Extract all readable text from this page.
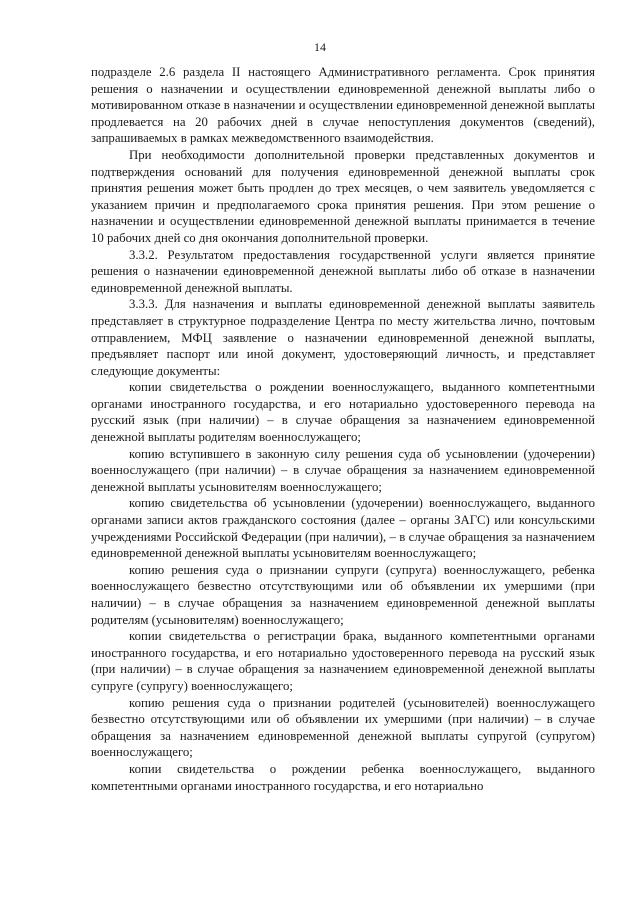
14

подразделе 2.6 раздела II настоящего Административного регламента. Срок принятия решения о назначении и осуществлении единовременной денежной выплаты либо о мотивированном отказе в назначении и осуществлении единовременной денежной выплаты продлевается на 20 рабочих дней в случае непоступления документов (сведений), запрашиваемых в рамках межведомственного взаимодействия.

При необходимости дополнительной проверки представленных документов и подтверждения оснований для получения единовременной денежной выплаты срок принятия решения может быть продлен до трех месяцев, о чем заявитель уведомляется с указанием причин и предполагаемого срока принятия решения. При этом решение о назначении и осуществлении единовременной денежной выплаты принимается в течение 10 рабочих дней со дня окончания дополнительной проверки.

3.3.2. Результатом предоставления государственной услуги является принятие решения о назначении единовременной денежной выплаты либо об отказе в назначении единовременной денежной выплаты.

3.3.3. Для назначения и выплаты единовременной денежной выплаты заявитель представляет в структурное подразделение Центра по месту жительства лично, почтовым отправлением, МФЦ заявление о назначении единовременной денежной выплаты, предъявляет паспорт или иной документ, удостоверяющий личность, и представляет следующие документы:

копии свидетельства о рождении военнослужащего, выданного компетентными органами иностранного государства, и его нотариально удостоверенного перевода на русский язык (при наличии) – в случае обращения за назначением единовременной денежной выплаты родителям военнослужащего;

копию вступившего в законную силу решения суда об усыновлении (удочерении) военнослужащего (при наличии) – в случае обращения за назначением единовременной денежной выплаты усыновителям военнослужащего;

копию свидетельства об усыновлении (удочерении) военнослужащего, выданного органами записи актов гражданского состояния (далее – органы ЗАГС) или консульскими учреждениями Российской Федерации (при наличии), – в случае обращения за назначением единовременной денежной выплаты усыновителям военнослужащего;

копию решения суда о признании супруги (супруга) военнослужащего, ребенка военнослужащего безвестно отсутствующими или об объявлении их умершими (при наличии) – в случае обращения за назначением единовременной денежной выплаты родителям (усыновителям) военнослужащего;

копии свидетельства о регистрации брака, выданного компетентными органами иностранного государства, и его нотариально удостоверенного перевода на русский язык (при наличии) – в случае обращения за назначением единовременной денежной выплаты супруге (супругу) военнослужащего;

копию решения суда о признании родителей (усыновителей) военнослужащего безвестно отсутствующими или об объявлении их умершими (при наличии) – в случае обращения за назначением единовременной денежной выплаты супругой (супругом) военнослужащего;

копии свидетельства о рождении ребенка военнослужащего, выданного компетентными органами иностранного государства, и его нотариально
